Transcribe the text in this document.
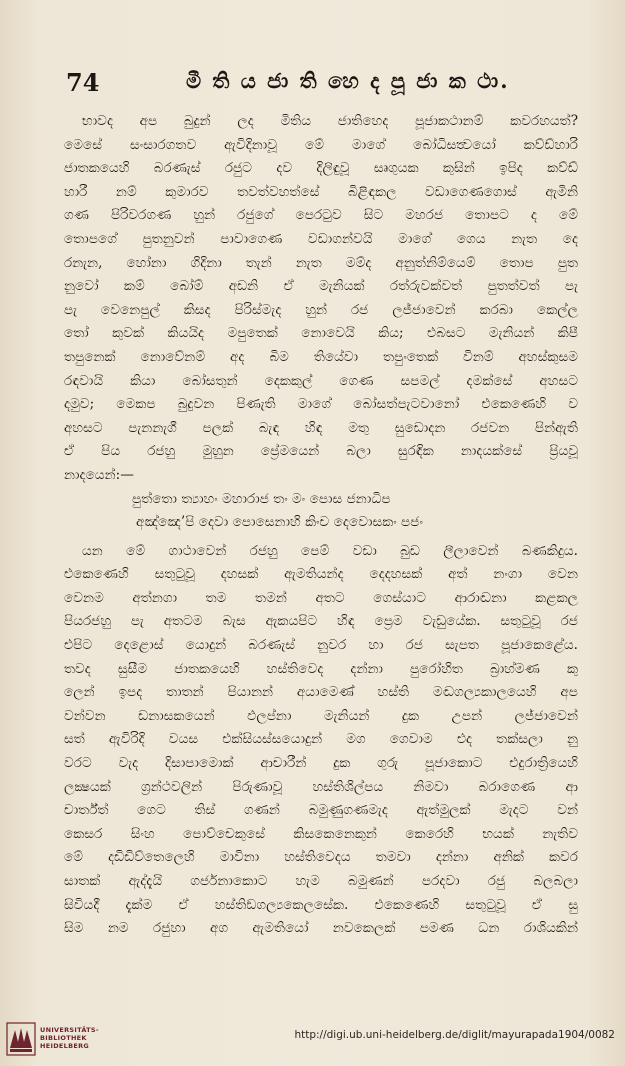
74	මී ති ය ජා ති හෙ ද පූ ජා ක ථා.
භාවද අප බුදුන් ලද මිතිය ජාතිහෙද පූජාකථානම් කවරහයත්?
මෙසේ සංසාරගතව ඇවිදිනාවූ මේ මාගේ බෝධිසත්‍වයෝ කව්ඩ්හාරි
ජාතකයෙහි බරණැස් රජුට දව දිලිඳුවූ සෘගුයක කුසින් ඉපිද කව්ඩ්
හාරී නම් කුමාරව තවත්වහත්සේ බිළිඳකල වඩාගෙණගොස් ඇමිනි
ගණ පිරිවරගණ හුන් රජුගේ පෙරටුව සිට මහරජ තොපට ද මේ
තොපගේ පුතනුවන් පාවාගෙණ වඩාගන්වයි මාගේ ගෙය නැත දෙ
රනැන, හෝනා ගිදිනා තැන් නැත මම්ද අනුත්නිම්යෙම් තොප පුත
නුවෝ කම් බෝම් අඩනි ඒ මැනියක් රත්රුවක්වත් පුතත්වත් පැ
පැ වෙනෙපුල් කිසද පිරිස්මැද හුන් රජ ලජ්ජාවෙන් කරබා කෙල්ල
තෝ කුවක් කියයිද මපුතෙක් නොවෙයි කිය; එබසට මැනියන් කිපී
තපුනෙක් නොවේනම් අද බිම තියේවා තපුංතෙක් විනම් අහස්කුසම
රඳවායි කියා බෝසතුන් දෙකකුල් ගෙණ සපමල් දමක්සේ අහසට
දමුව; මෙකප බුදුවන පිණැති මාගේ බෝසත්පැටවානෝ එකෙණෙහි ව
අහසට පැනනැගී පලක් බැඳ හිඳ මතු සුඩොදන රජවන පින්ඇති
ඒ පිය රජහු මුහුන ප්‍රේමයෙන් බලා සුරඳික නාදයක්සේ ප්‍රියවූ
නාදයෙන්:—
පුත්‍තො ත්‍යාහං මහාරාජ තං මං පොස ජනාධිප
අඤ්ඤෙ’පි දෙවා පොසෙනාහි කිංච දෙවොසකං පජං
යන මේ ගාථාවෙන් රජහු පෙම් වඩා බුඩ ලීලාවෙන් බණකිදුය.
එකෙණෙහි සතුටුවූ දහසක් ඇමතියන්ද දෙදහසක් අත් නංගා වෙන
වෙනම අත්නගා තම තමන් අතට ගෙස්යාට ආරාඬනා කළකල
පියරජහු පැ අතටම බැස ඇකයපිට හිඳ ප්‍රෙම වැඩුයේක. සතුටුවූ රජ
එපිට දෙළොස් යොදුන් බරණැස් නුවර හා රජ සැපත පූජාකෙළේය.
තවද සුසීම ජාතකයෙහි හස්තිවෙද දන්නා පුරෝහිත බ්‍රාහ්මණ කු
ලෙන් ඉපද තාතන් පියානන් අයාමෙණ් හස්ති මඬගල්‍යකාලයෙහි අප
වන්වන ඩනාසකයෙන් ඵලප්නා මැනියන් දුක උපන් ලජ්ජාවෙන්
සත් ඇවිරිදි වයස එක්සියස්සයොදුන් මග ගෙවාම එද තක්සලා නු
වරට වැද දිසාපාමොක් ආචාරීන් දුක ගුරු පූජාකොට එදුරාත්‍රියෙහි
ලක්‍ෂයක් ග්‍රන්ථවලින් පිරුණාවූ හස්තිශිල්පය නිමවා බරාගෙණ ආ
චාර්ත්‍ත් ගෙට තිස් ගණන් බමුණුගණමැද ඇත්මුලක් මැදට වන්
කෙසර සිංහ පොව්චෙකුසේ කිසකෙනෙකුන් කෙරෙහි භයක් නැතිව
මේ දඩිඩිව්තෙලෙහි මාවිනා හස්තිවෙදය තමවා දන්නා අනික් කවර
සාතක් ඇද්දැයි ගර්ජනාකොට හැම බමුණන් පරදවා රජු බලබලා
සිවියදී දැක්ම ඒ හස්තිඞගල්‍යකෙලසේක. එකෙණෙහි සතුටුවූ ඒ සු
සිම නම රජුහා අග ඇමතියෝ නවකෙලක් පමණ ධන රාශියකින්
UNIVERSITÄTS-
BIBLIOTHEK
HEIDELBERG
http://digi.ub.uni-heidelberg.de/diglit/mayurapada1904/0082
